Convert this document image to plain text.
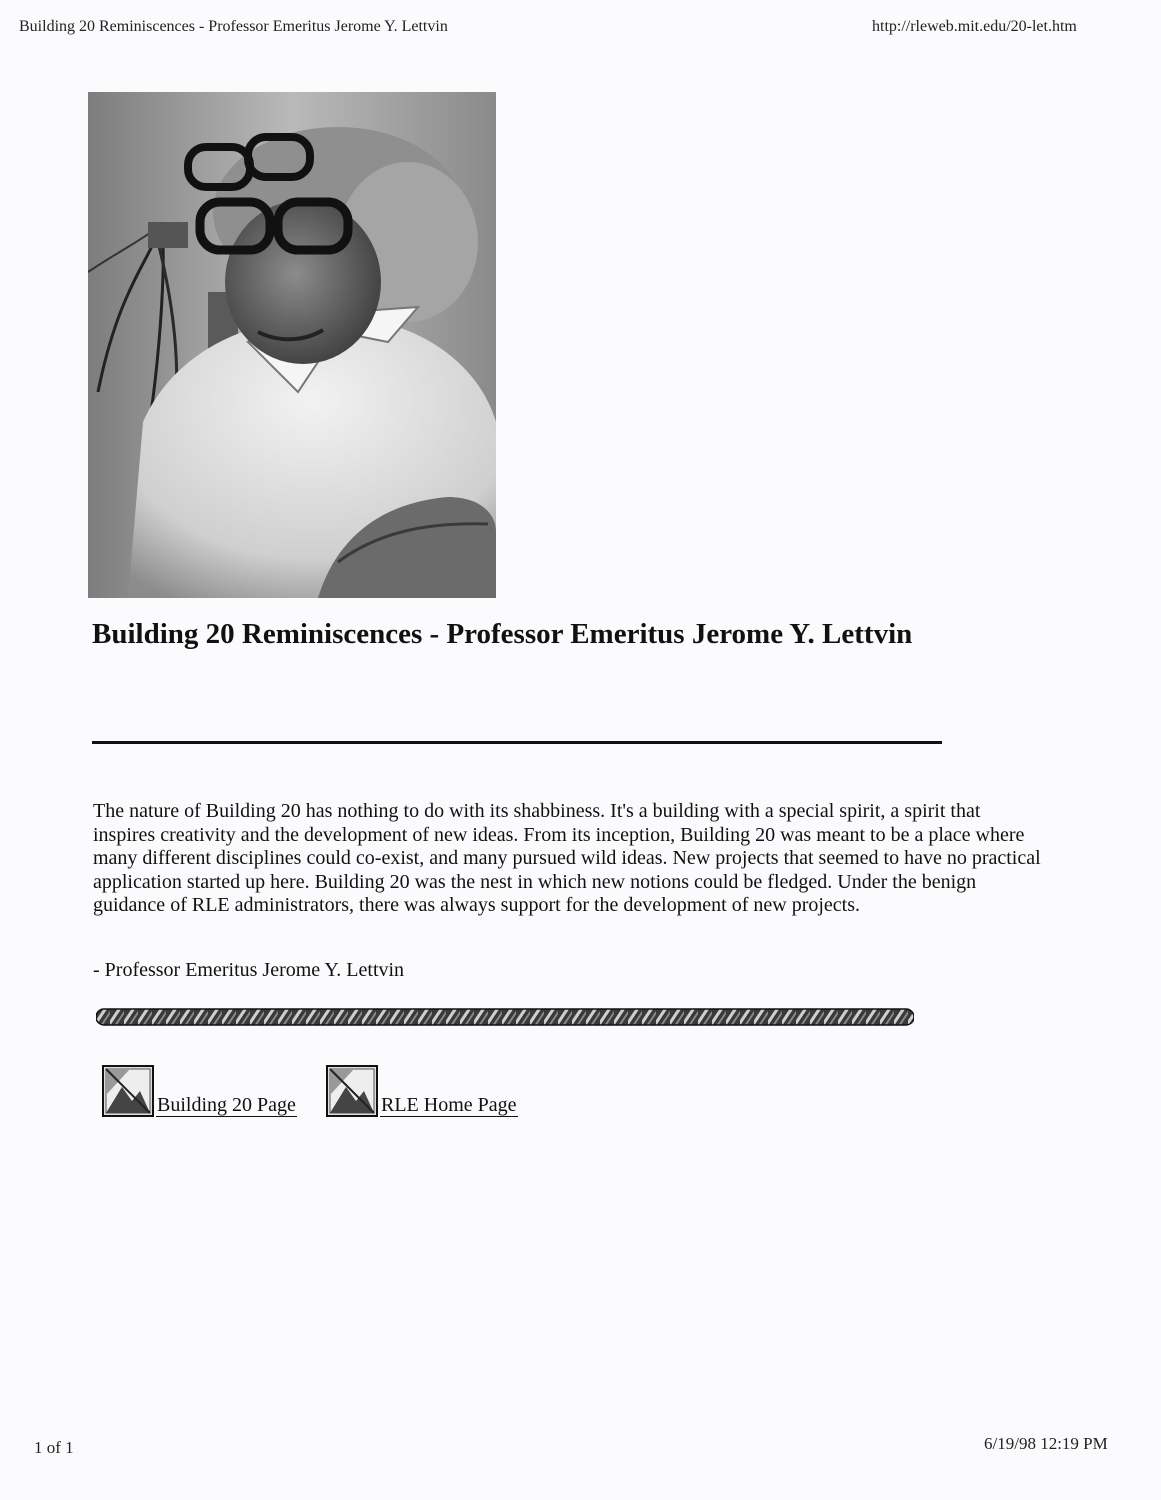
Building 20 Reminiscences - Professor Emeritus Jerome Y. Lettvin	http://rleweb.mit.edu/20-let.htm
Building 20 Reminiscences - Professor Emeritus Jerome Y. Lettvin

The nature of Building 20 has nothing to do with its shabbiness. It's a building with a special spirit, a spirit that inspires creativity and the development of new ideas. From its inception, Building 20 was meant to be a place where many different disciplines could co-exist, and many pursued wild ideas. New projects that seemed to have no practical application started up here. Building 20 was the nest in which new notions could be fledged. Under the benign guidance of RLE administrators, there was always support for the development of new projects.

- Professor Emeritus Jerome Y. Lettvin

Building 20 Page	RLE Home Page
1 of 1	6/19/98 12:19 PM
